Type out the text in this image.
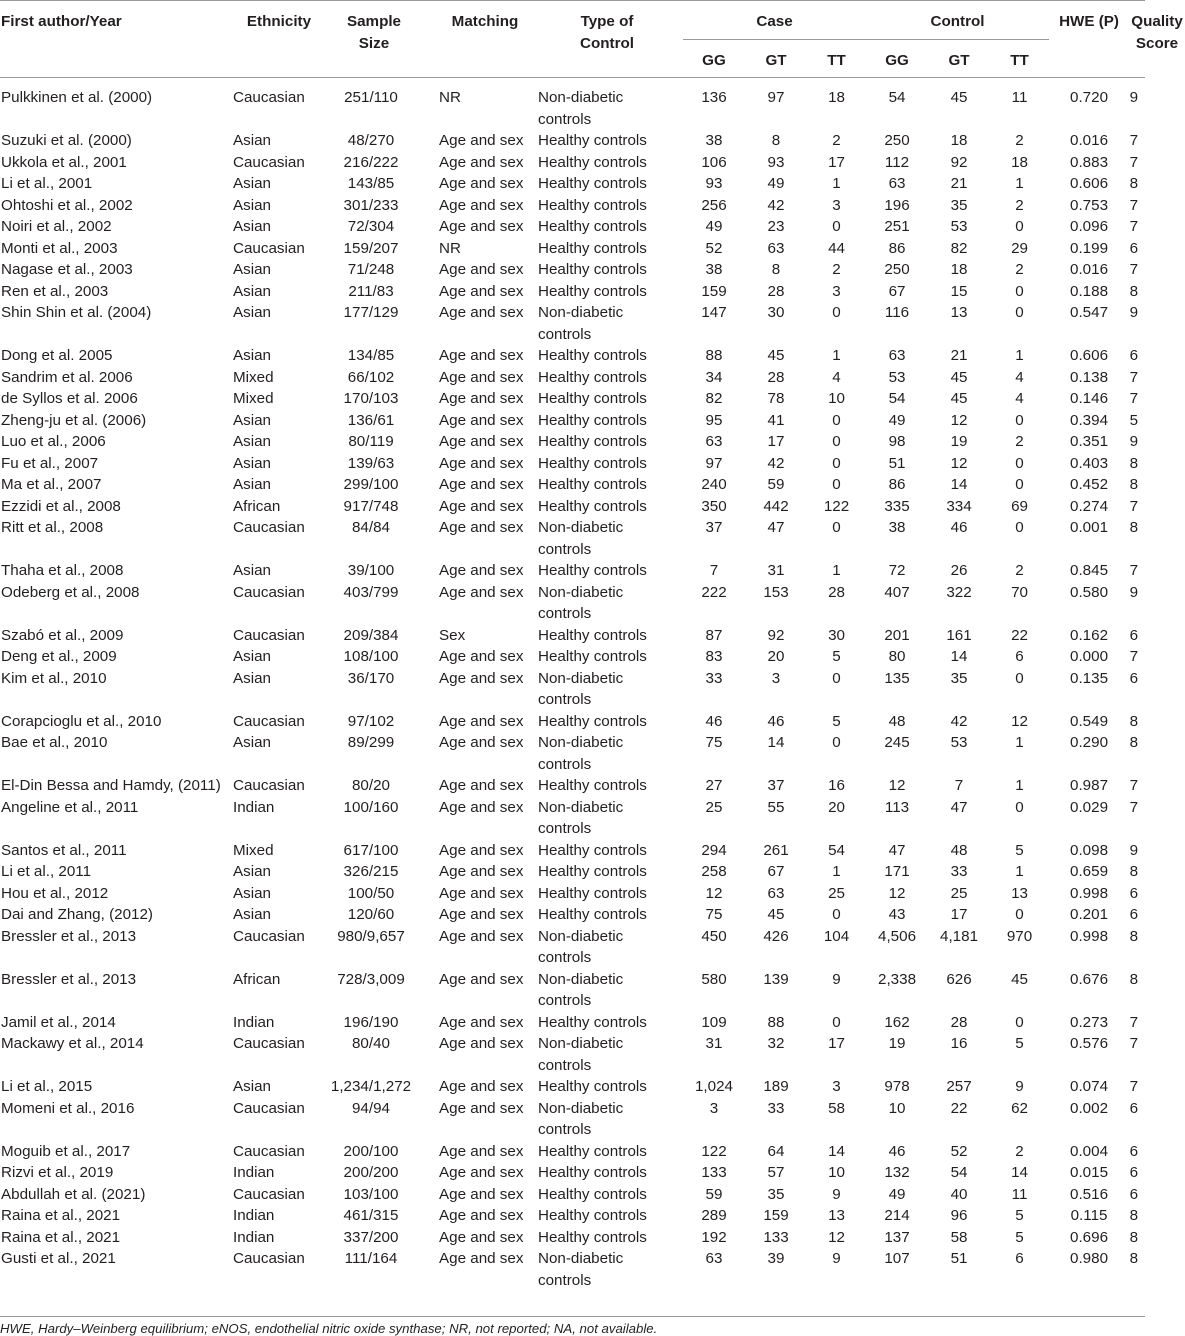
First author/Year	Ethnicity	Sample Size	Matching	Type of Control	Case			Control			HWE (P)	Quality Score
					GG	GT	TT	GG	GT	TT		
Pulkkinen et al. (2000)	Caucasian	251/110	NR	Non-diabetic controls	136	97	18	54	45	11	0.720	9
Suzuki et al. (2000)	Asian	48/270	Age and sex	Healthy controls	38	8	2	250	18	2	0.016	7
Ukkola et al., 2001	Caucasian	216/222	Age and sex	Healthy controls	106	93	17	112	92	18	0.883	7
Li et al., 2001	Asian	143/85	Age and sex	Healthy controls	93	49	1	63	21	1	0.606	8
Ohtoshi et al., 2002	Asian	301/233	Age and sex	Healthy controls	256	42	3	196	35	2	0.753	7
Noiri et al., 2002	Asian	72/304	Age and sex	Healthy controls	49	23	0	251	53	0	0.096	7
Monti et al., 2003	Caucasian	159/207	NR	Healthy controls	52	63	44	86	82	29	0.199	6
Nagase et al., 2003	Asian	71/248	Age and sex	Healthy controls	38	8	2	250	18	2	0.016	7
Ren et al., 2003	Asian	211/83	Age and sex	Healthy controls	159	28	3	67	15	0	0.188	8
Shin Shin et al. (2004)	Asian	177/129	Age and sex	Non-diabetic controls	147	30	0	116	13	0	0.547	9
Dong et al. 2005	Asian	134/85	Age and sex	Healthy controls	88	45	1	63	21	1	0.606	6
Sandrim et al. 2006	Mixed	66/102	Age and sex	Healthy controls	34	28	4	53	45	4	0.138	7
de Syllos et al. 2006	Mixed	170/103	Age and sex	Healthy controls	82	78	10	54	45	4	0.146	7
Zheng-ju et al. (2006)	Asian	136/61	Age and sex	Healthy controls	95	41	0	49	12	0	0.394	5
Luo et al., 2006	Asian	80/119	Age and sex	Healthy controls	63	17	0	98	19	2	0.351	9
Fu et al., 2007	Asian	139/63	Age and sex	Healthy controls	97	42	0	51	12	0	0.403	8
Ma et al., 2007	Asian	299/100	Age and sex	Healthy controls	240	59	0	86	14	0	0.452	8
Ezzidi et al., 2008	African	917/748	Age and sex	Healthy controls	350	442	122	335	334	69	0.274	7
Ritt et al., 2008	Caucasian	84/84	Age and sex	Non-diabetic controls	37	47	0	38	46	0	0.001	8
Thaha et al., 2008	Asian	39/100	Age and sex	Healthy controls	7	31	1	72	26	2	0.845	7
Odeberg et al., 2008	Caucasian	403/799	Age and sex	Non-diabetic controls	222	153	28	407	322	70	0.580	9
Szabó et al., 2009	Caucasian	209/384	Sex	Healthy controls	87	92	30	201	161	22	0.162	6
Deng et al., 2009	Asian	108/100	Age and sex	Healthy controls	83	20	5	80	14	6	0.000	7
Kim et al., 2010	Asian	36/170	Age and sex	Non-diabetic controls	33	3	0	135	35	0	0.135	6
Corapcioglu et al., 2010	Caucasian	97/102	Age and sex	Healthy controls	46	46	5	48	42	12	0.549	8
Bae et al., 2010	Asian	89/299	Age and sex	Non-diabetic controls	75	14	0	245	53	1	0.290	8
El-Din Bessa and Hamdy, (2011)	Caucasian	80/20	Age and sex	Healthy controls	27	37	16	12	7	1	0.987	7
Angeline et al., 2011	Indian	100/160	Age and sex	Non-diabetic controls	25	55	20	113	47	0	0.029	7
Santos et al., 2011	Mixed	617/100	Age and sex	Healthy controls	294	261	54	47	48	5	0.098	9
Li et al., 2011	Asian	326/215	Age and sex	Healthy controls	258	67	1	171	33	1	0.659	8
Hou et al., 2012	Asian	100/50	Age and sex	Healthy controls	12	63	25	12	25	13	0.998	6
Dai and Zhang, (2012)	Asian	120/60	Age and sex	Healthy controls	75	45	0	43	17	0	0.201	6
Bressler et al., 2013	Caucasian	980/9,657	Age and sex	Non-diabetic controls	450	426	104	4,506	4,181	970	0.998	8
Bressler et al., 2013	African	728/3,009	Age and sex	Non-diabetic controls	580	139	9	2,338	626	45	0.676	8
Jamil et al., 2014	Indian	196/190	Age and sex	Healthy controls	109	88	0	162	28	0	0.273	7
Mackawy et al., 2014	Caucasian	80/40	Age and sex	Non-diabetic controls	31	32	17	19	16	5	0.576	7
Li et al., 2015	Asian	1,234/1,272	Age and sex	Healthy controls	1,024	189	3	978	257	9	0.074	7
Momeni et al., 2016	Caucasian	94/94	Age and sex	Non-diabetic controls	3	33	58	10	22	62	0.002	6
Moguib et al., 2017	Caucasian	200/100	Age and sex	Healthy controls	122	64	14	46	52	2	0.004	6
Rizvi et al., 2019	Indian	200/200	Age and sex	Healthy controls	133	57	10	132	54	14	0.015	6
Abdullah et al. (2021)	Caucasian	103/100	Age and sex	Healthy controls	59	35	9	49	40	11	0.516	6
Raina et al., 2021	Indian	461/315	Age and sex	Healthy controls	289	159	13	214	96	5	0.115	8
Raina et al., 2021	Indian	337/200	Age and sex	Healthy controls	192	133	12	137	58	5	0.696	8
Gusti et al., 2021	Caucasian	111/164	Age and sex	Non-diabetic controls	63	39	9	107	51	6	0.980	8
HWE, Hardy–Weinberg equilibrium; eNOS, endothelial nitric oxide synthase; NR, not reported; NA, not available.
